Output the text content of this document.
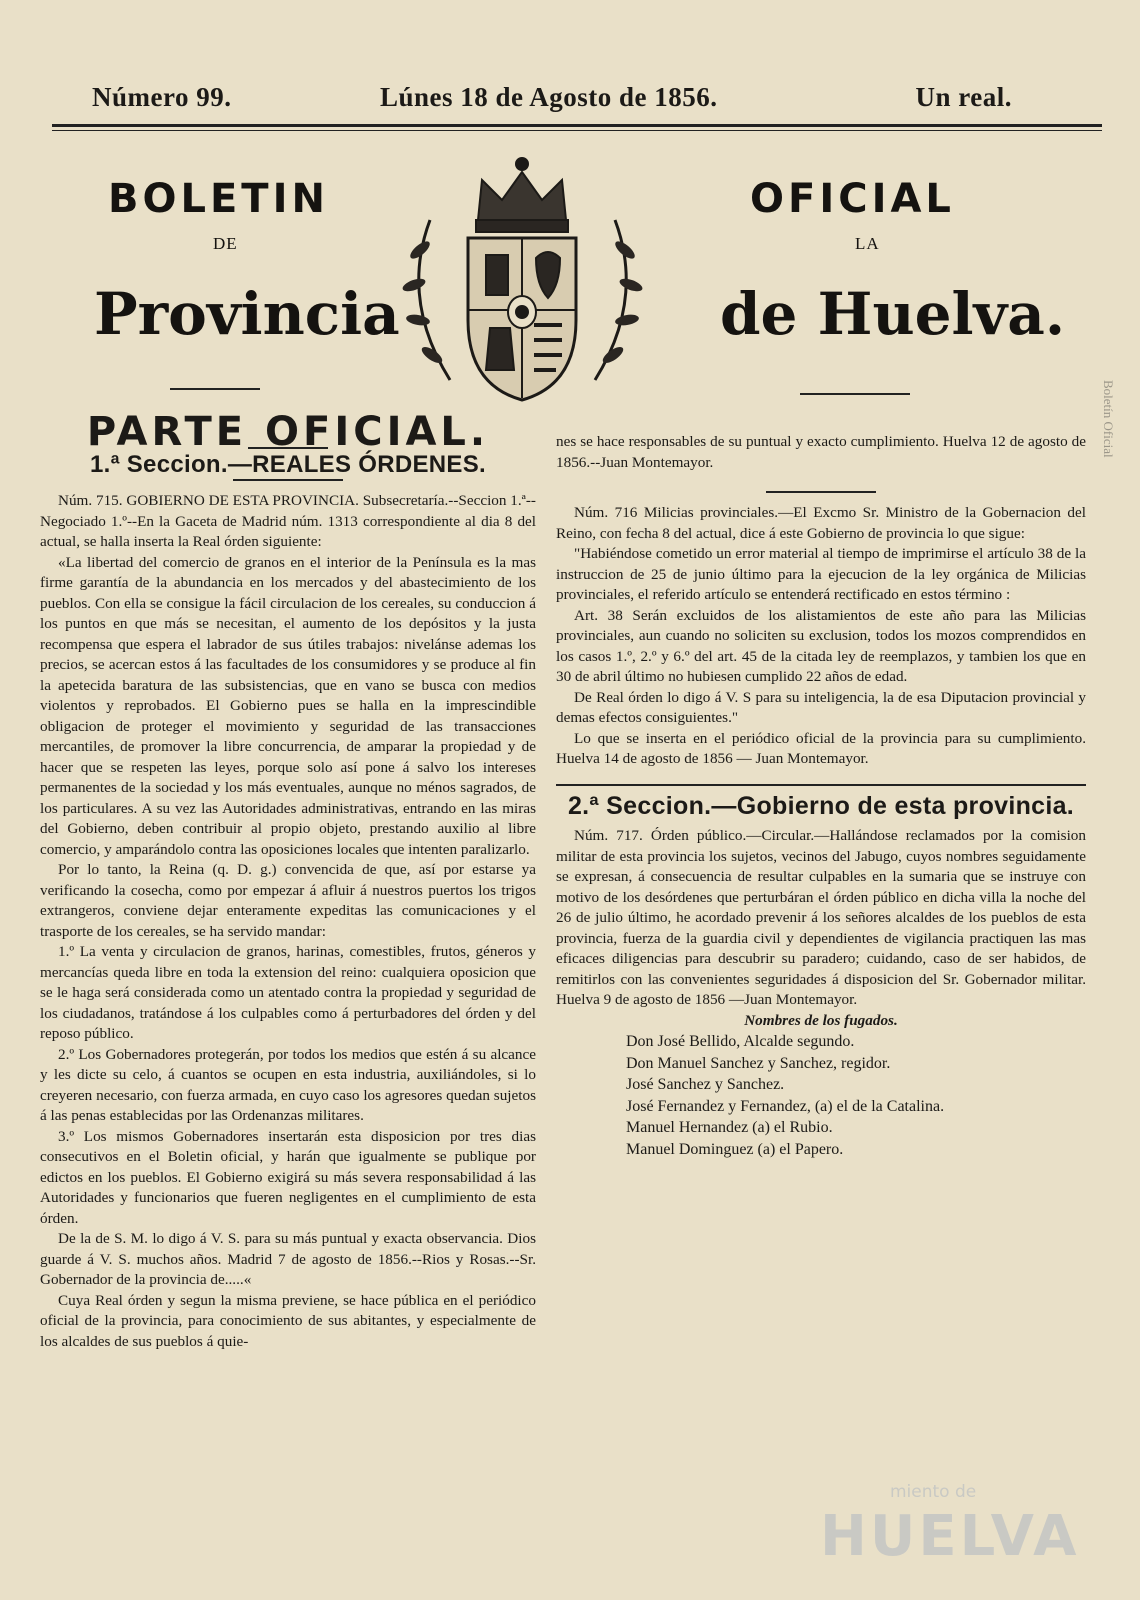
Número 99.	Lúnes 18 de Agosto de 1856.	Un real.
BOLETIN	OFICIAL
DE	LA
Provincia	de Huelva.
PARTE OFICIAL.
1.ª Seccion.—REALES ÓRDENES.

Núm. 715. GOBIERNO DE ESTA PROVINCIA. Subsecretaría.--Seccion 1.ª--Negociado 1.º--En la Gaceta de Madrid núm. 1313 correspondiente al dia 8 del actual, se halla inserta la Real órden siguiente:

«La libertad del comercio de granos en el interior de la Península es la mas firme garantía de la abundancia en los mercados y del abastecimiento de los pueblos. Con ella se consigue la fácil circulacion de los cereales, su conduccion á los puntos en que más se necesitan, el aumento de los depósitos y la justa recompensa que espera el labrador de sus útiles trabajos: nivelánse ademas los precios, se acercan estos á las facultades de los consumidores y se produce al fin la apetecida baratura de las subsistencias, que en vano se busca con medios violentos y reprobados. El Gobierno pues se halla en la imprescindible obligacion de proteger el movimiento y seguridad de las transacciones mercantiles, de promover la libre concurrencia, de amparar la propiedad y de hacer que se respeten las leyes, porque solo así pone á salvo los intereses permanentes de la sociedad y los más eventuales, aunque no ménos sagrados, de los particulares. A su vez las Autoridades administrativas, entrando en las miras del Gobierno, deben contribuir al propio objeto, prestando auxilio al libre comercio, y amparándolo contra las oposiciones locales que intenten paralizarlo.

Por lo tanto, la Reina (q. D. g.) convencida de que, así por estarse ya verificando la cosecha, como por empezar á afluir á nuestros puertos los trigos extrangeros, conviene dejar enteramente expeditas las comunicaciones y el trasporte de los cereales, se ha servido mandar:

1.º La venta y circulacion de granos, harinas, comestibles, frutos, géneros y mercancías queda libre en toda la extension del reino: cualquiera oposicion que se le haga será considerada como un atentado contra la propiedad y seguridad de los ciudadanos, tratándose á los culpables como á perturbadores del órden y del reposo público.

2.º Los Gobernadores protegerán, por todos los medios que estén á su alcance y les dicte su celo, á cuantos se ocupen en esta industria, auxiliándoles, si lo creyeren necesario, con fuerza armada, en cuyo caso los agresores quedan sujetos á las penas establecidas por las Ordenanzas militares.

3.º Los mismos Gobernadores insertarán esta disposicion por tres dias consecutivos en el Boletin oficial, y harán que igualmente se publique por edictos en los pueblos. El Gobierno exigirá su más severa responsabilidad á las Autoridades y funcionarios que fueren negligentes en el cumplimiento de esta órden.

De la de S. M. lo digo á V. S. para su más puntual y exacta observancia. Dios guarde á V. S. muchos años. Madrid 7 de agosto de 1856.--Rios y Rosas.--Sr. Gobernador de la provincia de.....«

Cuya Real órden y segun la misma previene, se hace pública en el periódico oficial de la provincia, para conocimiento de sus abitantes, y especialmente de los alcaldes de sus pueblos á quie-

nes se hace responsables de su puntual y exacto cumplimiento. Huelva 12 de agosto de 1856.--Juan Montemayor.

Núm. 716 Milicias provinciales.—El Excmo Sr. Ministro de la Gobernacion del Reino, con fecha 8 del actual, dice á este Gobierno de provincia lo que sigue:

"Habiéndose cometido un error material al tiempo de imprimirse el artículo 38 de la instruccion de 25 de junio último para la ejecucion de la ley orgánica de Milicias provinciales, el referido artículo se entenderá rectificado en estos término :

Art. 38 Serán excluidos de los alistamientos de este año para las Milicias provinciales, aun cuando no soliciten su exclusion, todos los mozos comprendidos en los casos 1.º, 2.º y 6.º del art. 45 de la citada ley de reemplazos, y tambien los que en 30 de abril último no hubiesen cumplido 22 años de edad.

De Real órden lo digo á V. S para su inteligencia, la de esa Diputacion provincial y demas efectos consiguientes."

Lo que se inserta en el periódico oficial de la provincia para su cumplimiento. Huelva 14 de agosto de 1856 — Juan Montemayor.

2.ª Seccion.—Gobierno de esta provincia.

Núm. 717. Órden público.—Circular.—Hallándose reclamados por la comision militar de esta provincia los sujetos, vecinos del Jabugo, cuyos nombres seguidamente se expresan, á consecuencia de resultar culpables en la sumaria que se instruye con motivo de los desórdenes que perturbáran el órden público en dicha villa la noche del 26 de julio último, he acordado prevenir á los señores alcaldes de los pueblos de esta provincia, fuerza de la guardia civil y dependientes de vigilancia practiquen las mas eficaces diligencias para descubrir su paradero; cuidando, caso de ser habidos, de remitirlos con las convenientes seguridades á disposicion del Sr. Gobernador militar. Huelva 9 de agosto de 1856 —Juan Montemayor.

Nombres de los fugados.

Don José Bellido, Alcalde segundo.

Don Manuel Sanchez y Sanchez, regidor.

José Sanchez y Sanchez.

José Fernandez y Fernandez, (a) el de la Catalina.

Manuel Hernandez (a) el Rubio.

Manuel Dominguez (a) el Papero.

miento de
HUELVA
Boletín Oficial
